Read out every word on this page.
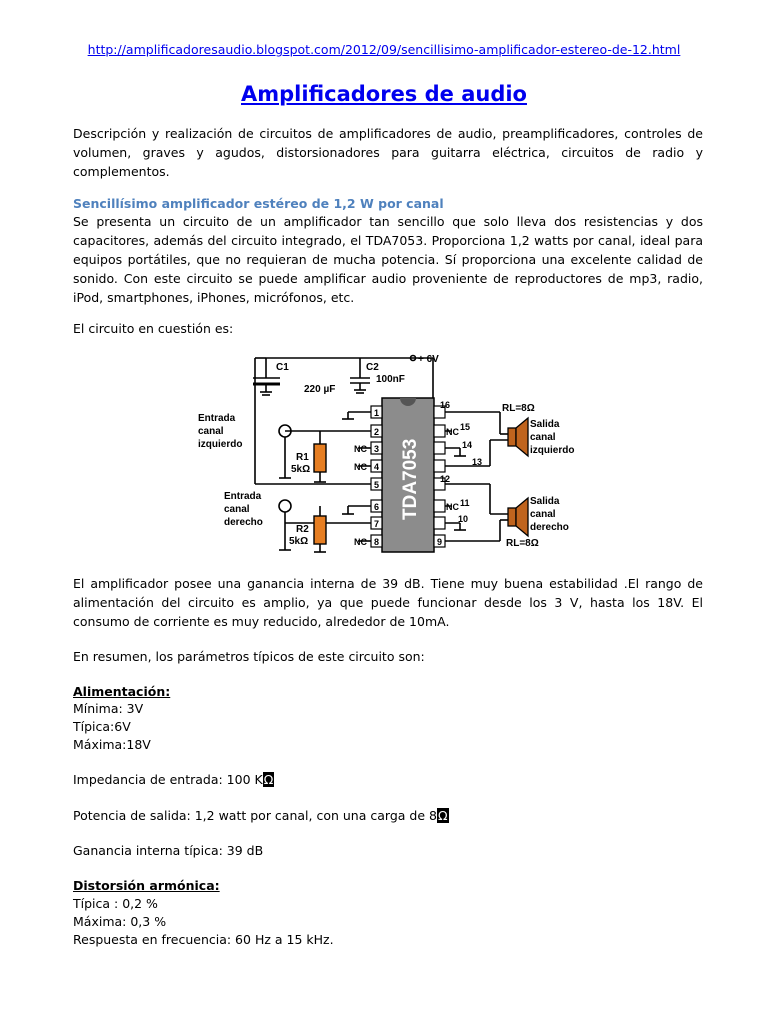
http://amplificadoresaudio.blogspot.com/2012/09/sencillisimo-amplificador-estereo-de-12.html
Amplificadores de audio
Descripción y realización de circuitos de amplificadores de audio, preamplificadores, controles de volumen, graves y agudos, distorsionadores para guitarra eléctrica, circuitos de radio y complementos.
Sencillísimo amplificador estéreo de 1,2 W por canal
Se presenta un circuito de un amplificador tan sencillo que solo lleva dos resistencias y dos capacitores, además del circuito integrado, el TDA7053. Proporciona 1,2 watts por canal, ideal para equipos portátiles, que no requieran de mucha potencia. Sí proporciona una excelente calidad de sonido. Con este circuito se puede amplificar audio proveniente de reproductores de mp3, radio, iPod, smartphones, iPhones, micrófonos, etc.
El circuito en cuestión es:
C1	C2
220 µF
100nF
+ 6V
Entrada
canal
izquierdo
Entrada
canal
derecho
R1
5kΩ
R2
5kΩ
RL=8Ω
RL=8Ω
Salida
canal
izquierdo
Salida
canal
derecho
NC
NC
NC
NC
NC
1
2
3
4
5
6
7
8
16
15
14
13
12
11
10
9
TDA7053
El amplificador posee una ganancia interna de 39 dB. Tiene muy buena estabilidad .El rango de alimentación del circuito es amplio, ya que puede funcionar desde los 3 V, hasta los 18V. El consumo de corriente es muy reducido, alrededor de 10mA.
En resumen, los parámetros típicos de este circuito son:
Alimentación:
Mínima: 3V
Típica:6V
Máxima:18V
Impedancia de entrada: 100 KΩ
Potencia de salida: 1,2 watt por canal, con una carga de 8Ω
Ganancia interna típica: 39 dB
Distorsión armónica:
Típica : 0,2 %
Máxima: 0,3 %
Respuesta en frecuencia: 60 Hz a 15 kHz.
